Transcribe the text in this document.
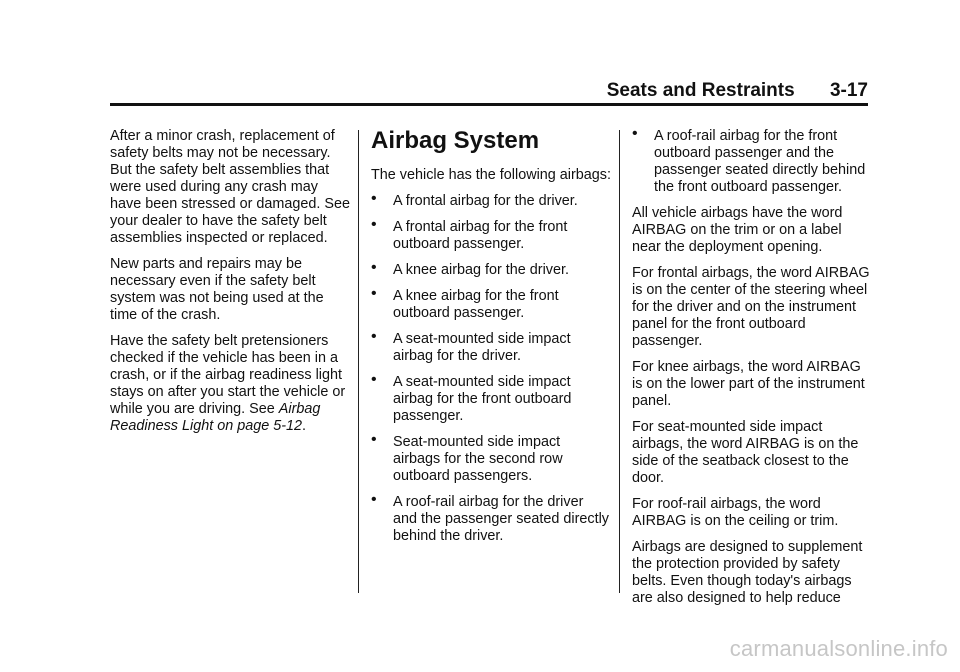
Seats and Restraints 3-17

After a minor crash, replacement of safety belts may not be necessary. But the safety belt assemblies that were used during any crash may have been stressed or damaged. See your dealer to have the safety belt assemblies inspected or replaced.

New parts and repairs may be necessary even if the safety belt system was not being used at the time of the crash.

Have the safety belt pretensioners checked if the vehicle has been in a crash, or if the airbag readiness light stays on after you start the vehicle or while you are driving. See Airbag Readiness Light on page 5-12.

Airbag System

The vehicle has the following airbags:

• A frontal airbag for the driver.
• A frontal airbag for the front outboard passenger.
• A knee airbag for the driver.
• A knee airbag for the front outboard passenger.
• A seat-mounted side impact airbag for the driver.
• A seat-mounted side impact airbag for the front outboard passenger.
• Seat-mounted side impact airbags for the second row outboard passengers.
• A roof-rail airbag for the driver and the passenger seated directly behind the driver.
• A roof-rail airbag for the front outboard passenger and the passenger seated directly behind the front outboard passenger.

All vehicle airbags have the word AIRBAG on the trim or on a label near the deployment opening.

For frontal airbags, the word AIRBAG is on the center of the steering wheel for the driver and on the instrument panel for the front outboard passenger.

For knee airbags, the word AIRBAG is on the lower part of the instrument panel.

For seat-mounted side impact airbags, the word AIRBAG is on the side of the seatback closest to the door.

For roof-rail airbags, the word AIRBAG is on the ceiling or trim.

Airbags are designed to supplement the protection provided by safety belts. Even though today's airbags are also designed to help reduce

carmanualsonline.info
